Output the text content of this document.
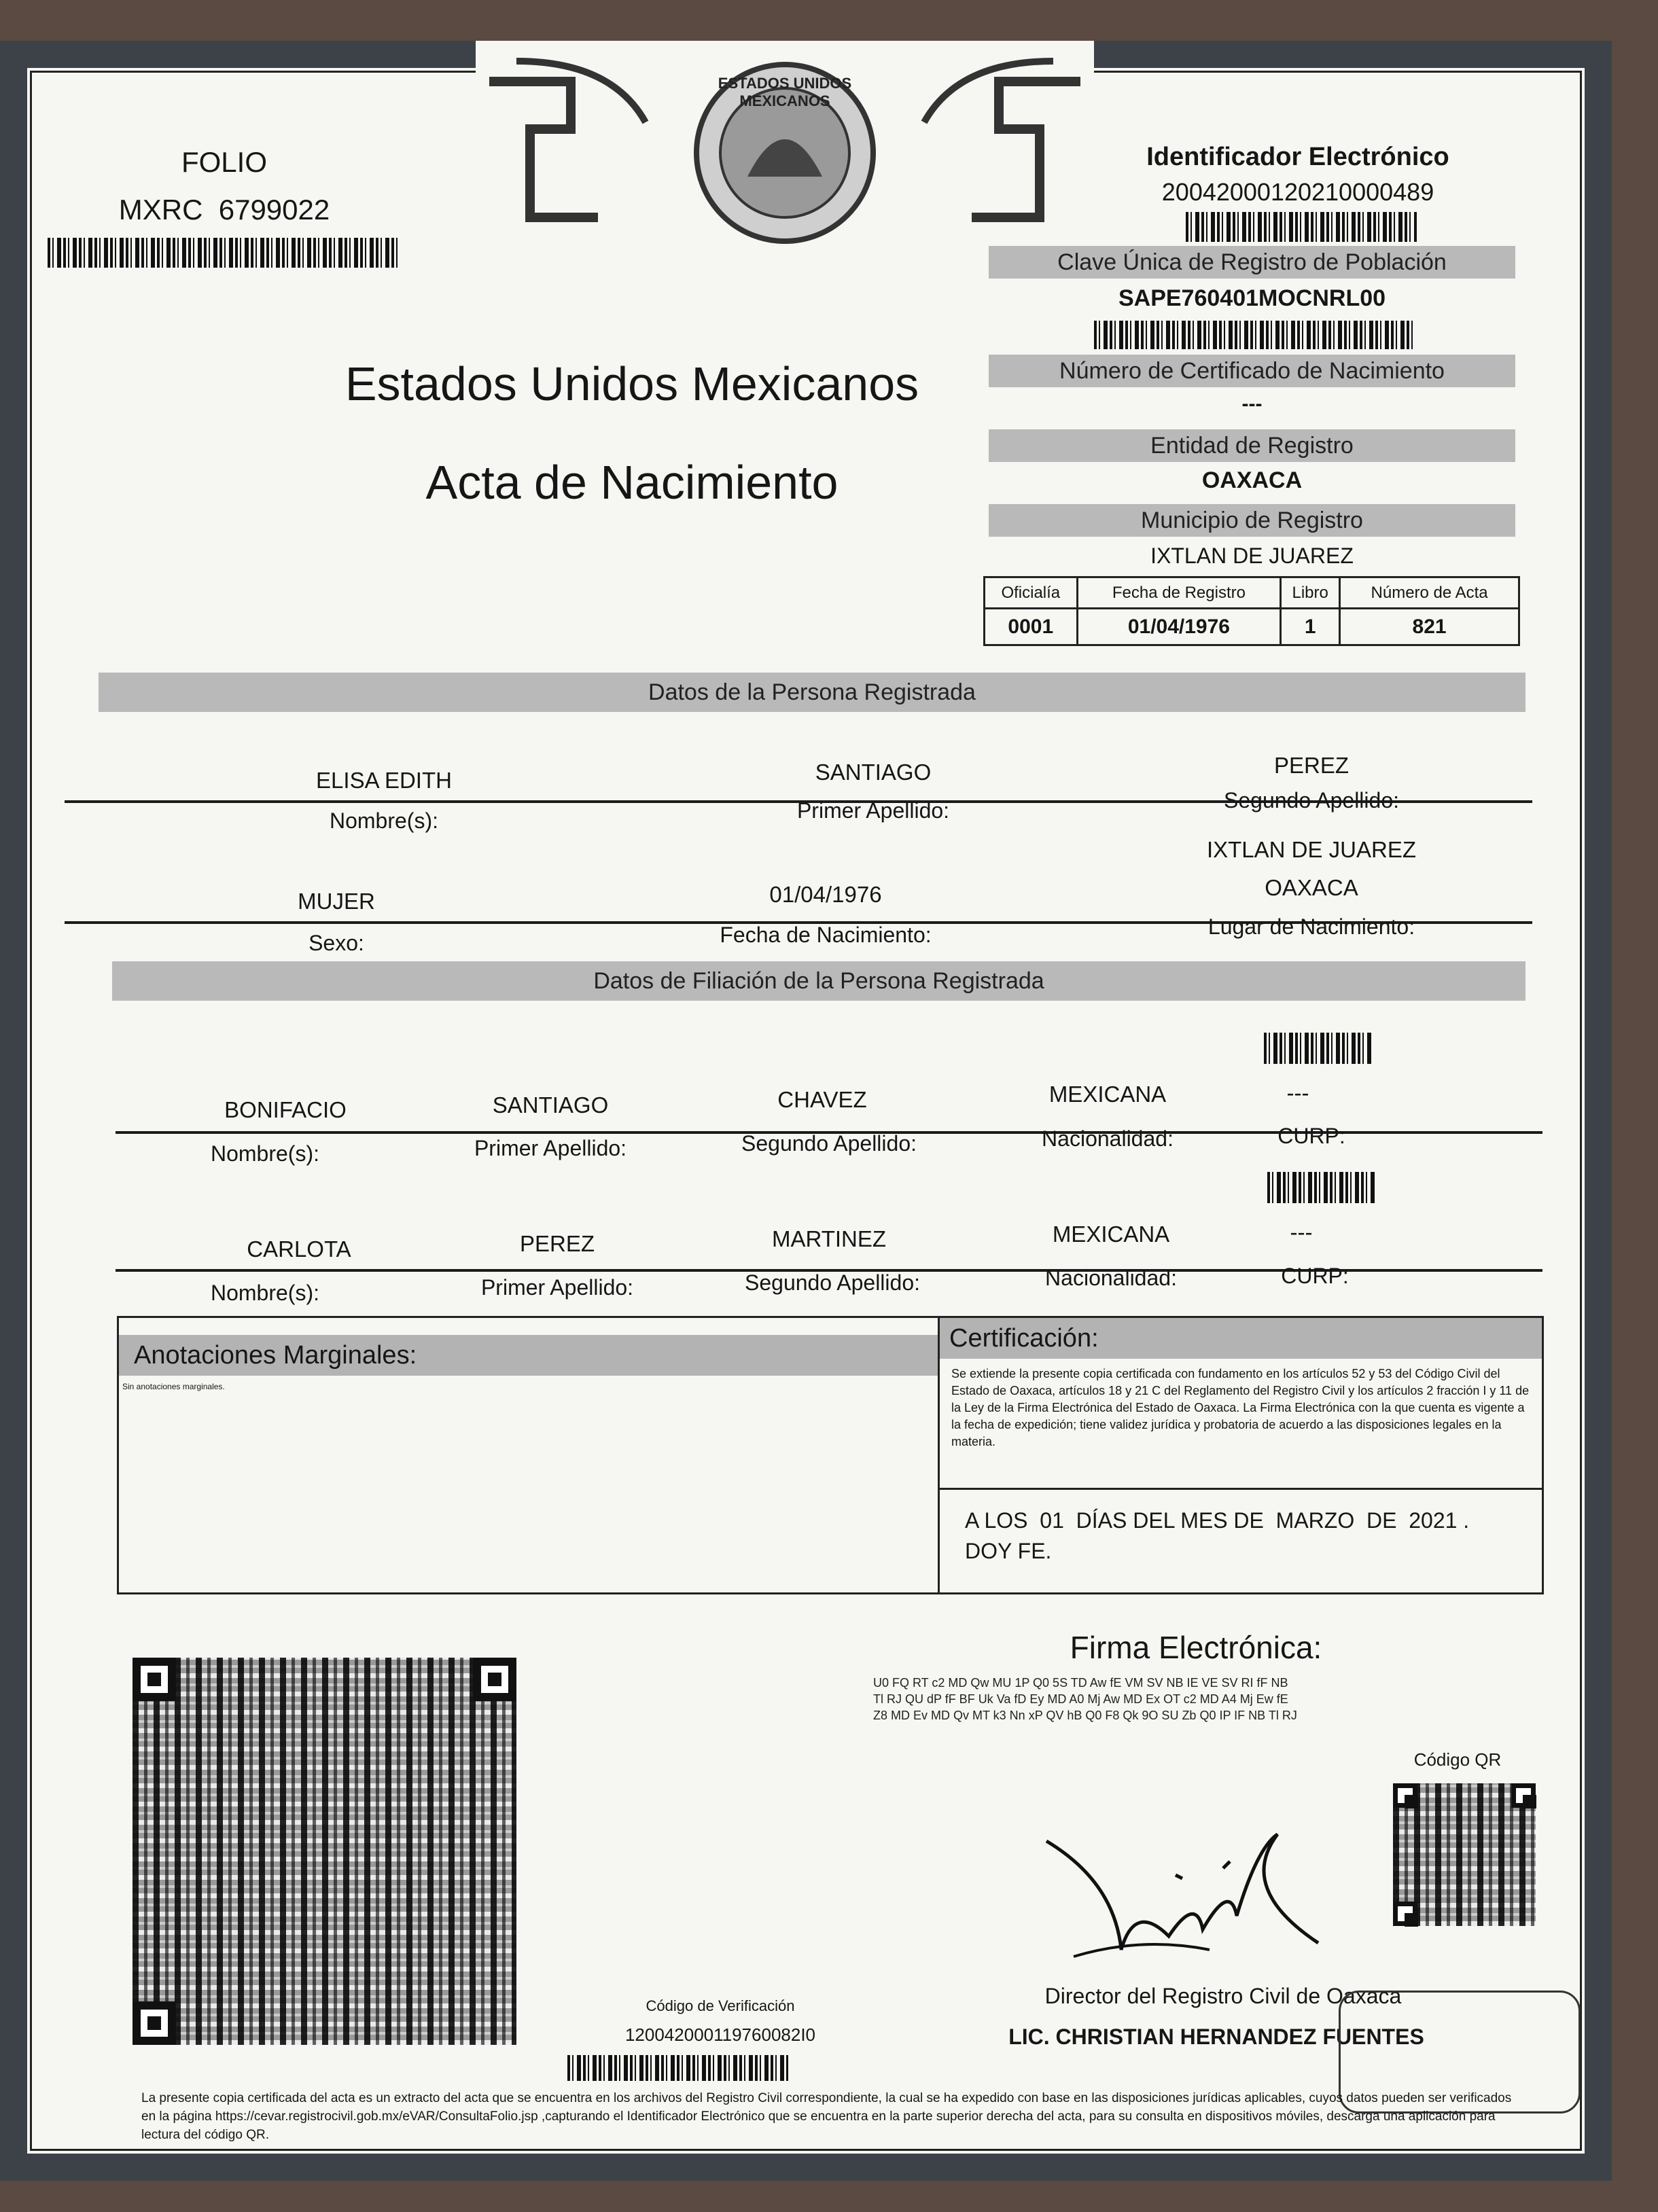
ESTADOS UNIDOS MEXICANOS
FOLIO
MXRC  6799022
Identificador Electrónico
20042000120210000489
Clave Única de Registro de Población
SAPE760401MOCNRL00
Número de Certificado de Nacimiento
---
Entidad de Registro
OAXACA
Municipio de Registro
IXTLAN DE JUAREZ
Oficialía	Fecha de Registro	Libro	Número de Acta
0001	01/04/1976	1	821
Estados Unidos Mexicanos
Acta de Nacimiento
Datos de la Persona Registrada
ELISA EDITH	SANTIAGO	PEREZ
Nombre(s):	Primer Apellido:	Segundo Apellido:
IXTLAN DE JUAREZ
MUJER	01/04/1976	OAXACA
Sexo:	Fecha de Nacimiento:	Lugar de Nacimiento:
Datos de Filiación de la Persona Registrada
BONIFACIO	SANTIAGO	CHAVEZ	MEXICANA	---
Nombre(s):	Primer Apellido:	Segundo Apellido:	Nacionalidad:	CURP:
CARLOTA	PEREZ	MARTINEZ	MEXICANA	---
Nombre(s):	Primer Apellido:	Segundo Apellido:	Nacionalidad:	CURP:
Anotaciones Marginales:
Sin anotaciones marginales.
Certificación:
Se extiende la presente copia certificada con fundamento en los artículos 52 y 53 del Código Civil del Estado de Oaxaca, artículos 18 y 21 C del Reglamento del Registro Civil y los artículos 2 fracción I y 11 de la Ley de la Firma Electrónica del Estado de Oaxaca. La Firma Electrónica con la que cuenta es vigente a la fecha de expedición; tiene validez jurídica y probatoria de acuerdo a las disposiciones legales en la materia.
A LOS  01  DÍAS DEL MES DE  MARZO  DE  2021 .
DOY FE.
Firma Electrónica:
U0 FQ RT c2 MD Qw MU 1P Q0 5S TD Aw fE VM SV NB IE VE SV RI fF NB
Tl RJ QU dP fF BF Uk Va fD Ey MD A0 Mj Aw MD Ex OT c2 MD A4 Mj Ew fE
Z8 MD Ev MD Qv MT k3 Nn xP QV hB Q0 F8 Qk 9O SU Zb Q0 IP IF NB Tl RJ
Código QR
Director del Registro Civil de Oaxaca
LIC. CHRISTIAN HERNANDEZ FUENTES
Código de Verificación
120042000119760082I0
La presente copia certificada del acta es un extracto del acta que se encuentra en los archivos del Registro Civil correspondiente, la cual se ha expedido con base en las disposiciones jurídicas aplicables, cuyos datos pueden ser verificados en la página https://cevar.registrocivil.gob.mx/eVAR/ConsultaFolio.jsp ,capturando el Identificador Electrónico que se encuentra en la parte superior derecha del acta, para su consulta en dispositivos móviles, descarga una aplicación para lectura del código QR.
